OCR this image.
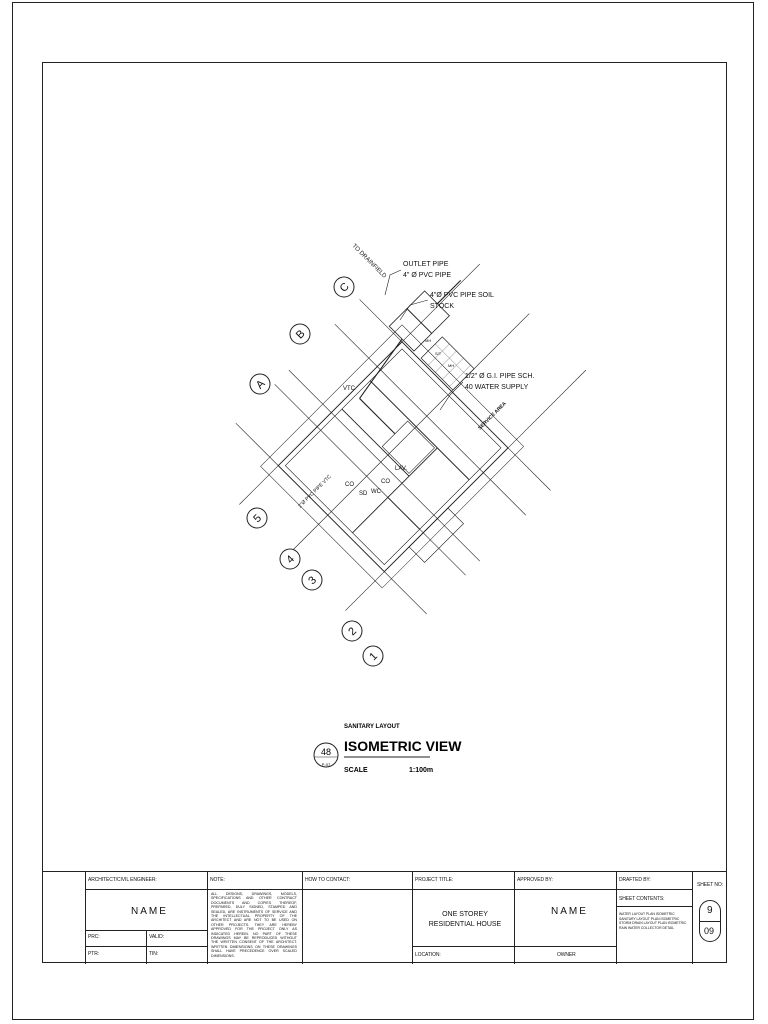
A
B
C
1
2
3
4
5
TO DRAINFIELD OUTLET PIPE
4" Ø PVC PIPE
4"Ø PVC PIPE SOIL
STOCK
1/2" Ø G.I. PIPE SCH.
40 WATER SUPPLY
SERVICE AREA
VTC
CO
SD WC
CO
LAV.
2"Ø PVC PIPE VTC
MH
MH
S/T
48
P-07
SANITARY LAYOUT
ISOMETRIC VIEW
SCALE	1:100m
ARCHITECT/CIVIL ENGINEER:
NAME
PRC:	VALID:
PTR:	TIN:
NOTE:
ALL DESIGNS, DRAWINGS, MODELS, SPECIFICATIONS AND OTHER CONTRACT DOCUMENTS AND COPIES THEREOF, PREPARED, DULY SIGNED, STAMPED AND SEALED, ARE INSTRUMENTS OF SERVICE AND THE INTELLECTUAL PROPERTY OF THE ARCHITECT AND ARE NOT TO BE USED ON OTHER PROJECTS. THEY ARE HEREBY APPROVED FOR THE PROJECT ONLY AS INDICATED HEREIN. NO PART OF THESE DRAWINGS MAY BE REPRODUCED WITHOUT THE WRITTEN CONSENT OF THE ARCHITECT. WRITTEN DIMENSIONS ON THESE DRAWINGS SHALL HAVE PRECEDENCE OVER SCALED DIMENSIONS.
HOW TO CONTACT:	PROJECT TITLE:
ONE STOREY RESIDENTIAL HOUSE
LOCATION:
APPROVED BY:
NAME
OWNER
DRAFTED BY:
SHEET CONTENTS:
WATER LAYOUT PLAN ISOMETRIC
SANITARY LAYOUT PLAN ISOMETRIC
STORM DRAIN LAYOUT PLAN ISOMETRIC
RAIN WATER COLLECTOR DETAIL
SHEET NO:
9
09
